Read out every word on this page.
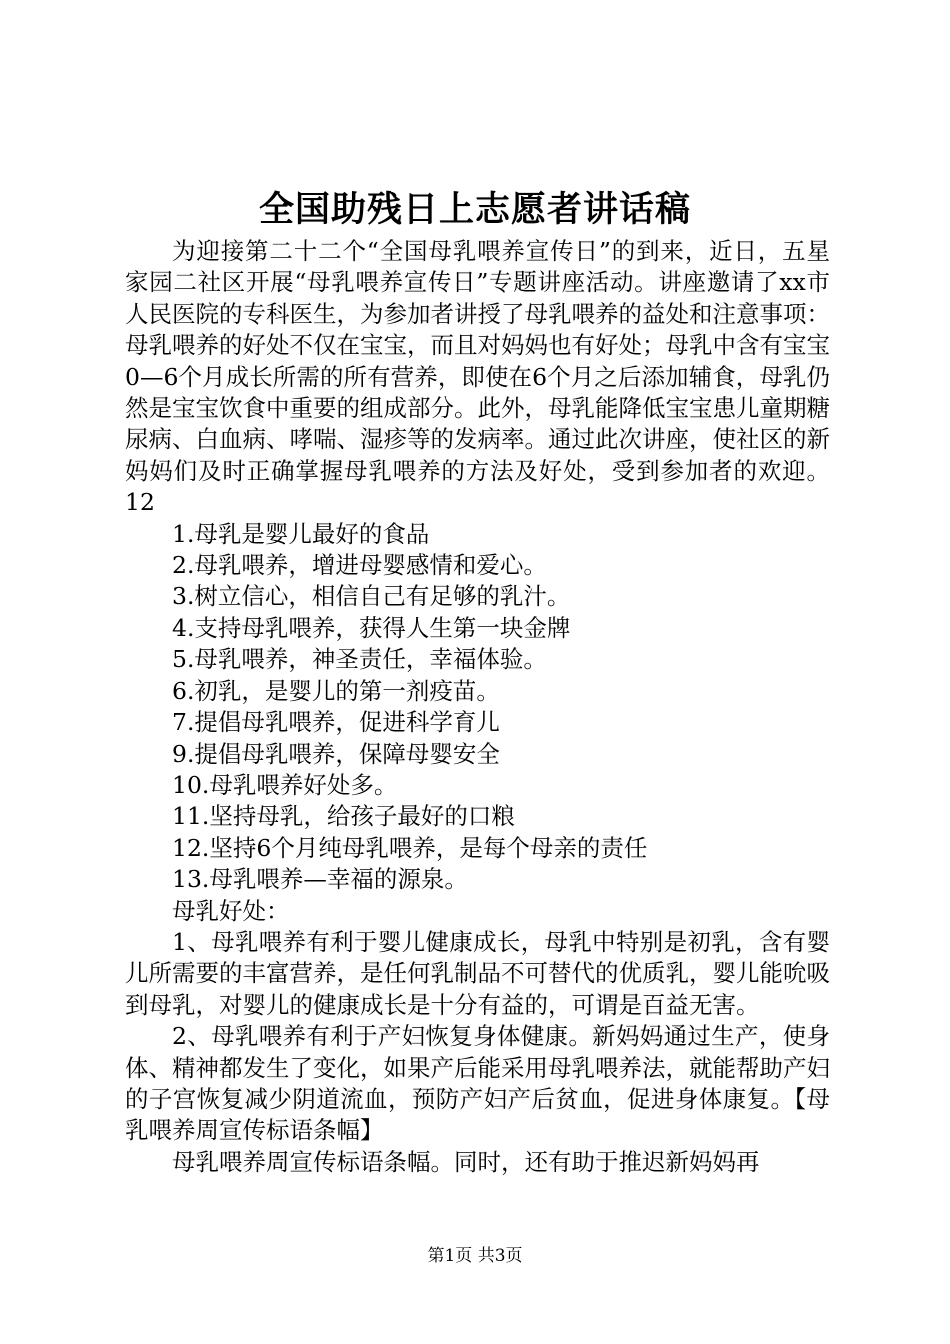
全国助残日上志愿者讲话稿

为迎接第二十二个“全国母乳喂养宣传日”的到来，近日，五星家园二社区开展“母乳喂养宣传日”专题讲座活动。讲座邀请了xx市人民医院的专科医生，为参加者讲授了母乳喂养的益处和注意事项：母乳喂养的好处不仅在宝宝，而且对妈妈也有好处；母乳中含有宝宝0—6个月成长所需的所有营养，即使在6个月之后添加辅食，母乳仍然是宝宝饮食中重要的组成部分。此外，母乳能降低宝宝患儿童期糖尿病、白血病、哮喘、湿疹等的发病率。通过此次讲座，使社区的新妈妈们及时正确掌握母乳喂养的方法及好处，受到参加者的欢迎。12

1.母乳是婴儿最好的食品
2.母乳喂养，增进母婴感情和爱心。
3.树立信心，相信自己有足够的乳汁。
4.支持母乳喂养，获得人生第一块金牌
5.母乳喂养，神圣责任，幸福体验。
6.初乳，是婴儿的第一剂疫苗。
7.提倡母乳喂养，促进科学育儿
9.提倡母乳喂养，保障母婴安全
10.母乳喂养好处多。
11.坚持母乳，给孩子最好的口粮
12.坚持6个月纯母乳喂养，是每个母亲的责任
13.母乳喂养—幸福的源泉。

母乳好处：

1、母乳喂养有利于婴儿健康成长，母乳中特别是初乳，含有婴儿所需要的丰富营养，是任何乳制品不可替代的优质乳，婴儿能吮吸到母乳，对婴儿的健康成长是十分有益的，可谓是百益无害。

2、母乳喂养有利于产妇恢复身体健康。新妈妈通过生产，使身体、精神都发生了变化，如果产后能采用母乳喂养法，就能帮助产妇的子宫恢复减少阴道流血，预防产妇产后贫血，促进身体康复。【母乳喂养周宣传标语条幅】

母乳喂养周宣传标语条幅。同时，还有助于推迟新妈妈再

第1页 共3页
